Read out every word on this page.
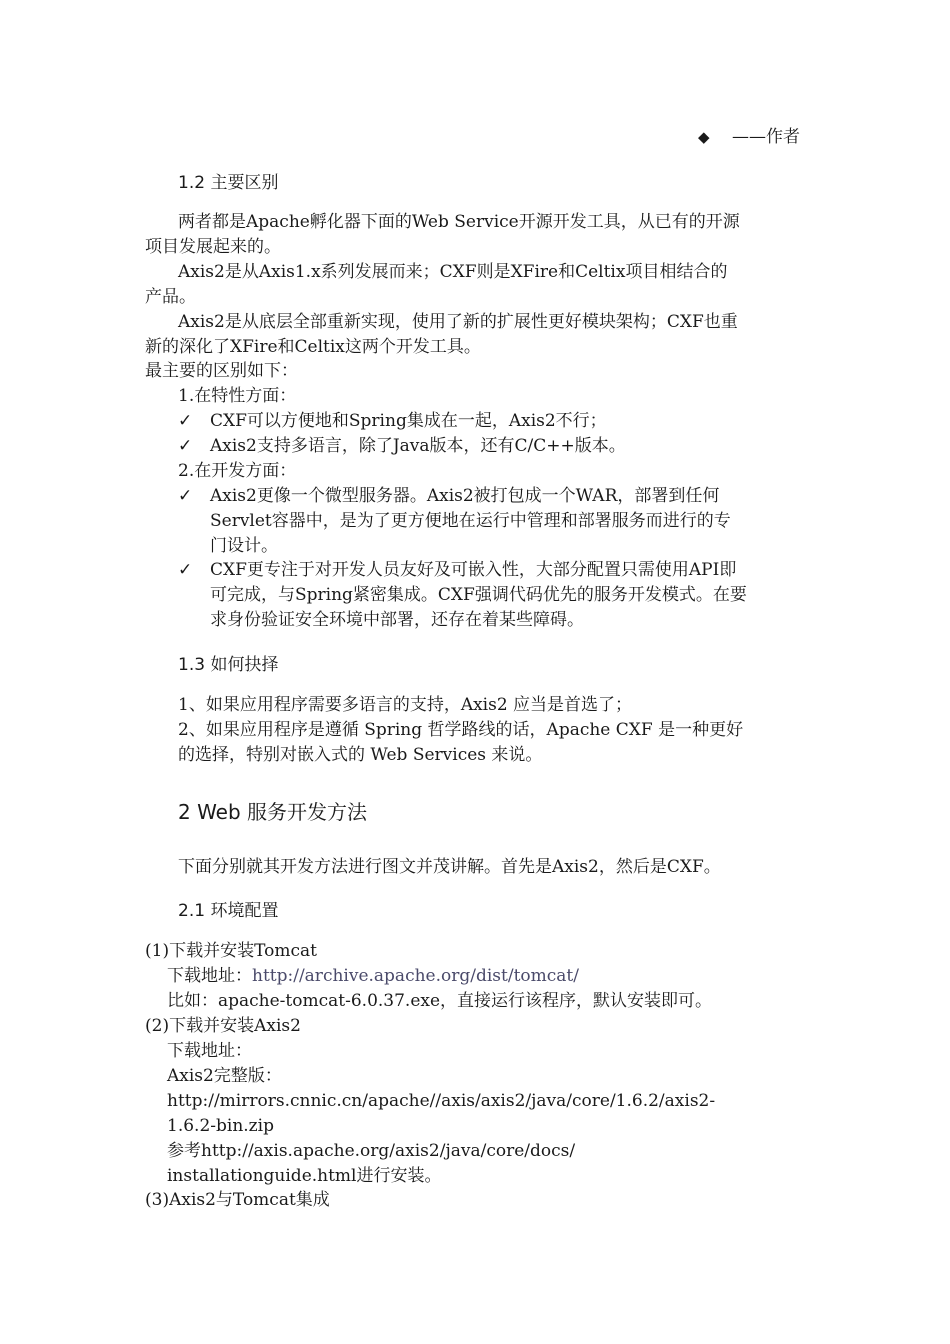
◆ ——作者
1.2 主要区别
两者都是Apache孵化器下面的Web Service开源开发工具，从已有的开源
项目发展起来的。
Axis2是从Axis1.x系列发展而来；CXF则是XFire和Celtix项目相结合的
产品。
Axis2是从底层全部重新实现，使用了新的扩展性更好模块架构；CXF也重
新的深化了XFire和Celtix这两个开发工具。
最主要的区别如下：
1.在特性方面：
✓ CXF可以方便地和Spring集成在一起，Axis2不行；
✓ Axis2支持多语言，除了Java版本，还有C/C++版本。
2.在开发方面：
✓ Axis2更像一个微型服务器。Axis2被打包成一个WAR，部署到任何
Servlet容器中，是为了更方便地在运行中管理和部署服务而进行的专
门设计。
✓ CXF更专注于对开发人员友好及可嵌入性，大部分配置只需使用API即
可完成，与Spring紧密集成。CXF强调代码优先的服务开发模式。在要
求身份验证安全环境中部署，还存在着某些障碍。
1.3 如何抉择
1、如果应用程序需要多语言的支持，Axis2 应当是首选了；
2、如果应用程序是遵循 Spring 哲学路线的话，Apache CXF 是一种更好
的选择，特别对嵌入式的 Web Services 来说。
2 Web 服务开发方法
下面分别就其开发方法进行图文并茂讲解。首先是Axis2，然后是CXF。
2.1 环境配置
(1)下载并安装Tomcat
下载地址：http://archive.apache.org/dist/tomcat/
比如：apache-tomcat-6.0.37.exe，直接运行该程序，默认安装即可。
(2)下载并安装Axis2
下载地址：
Axis2完整版：
http://mirrors.cnnic.cn/apache//axis/axis2/java/core/1.6.2/axis2-
1.6.2-bin.zip
参考http://axis.apache.org/axis2/java/core/docs/
installationguide.html进行安装。
(3)Axis2与Tomcat集成
